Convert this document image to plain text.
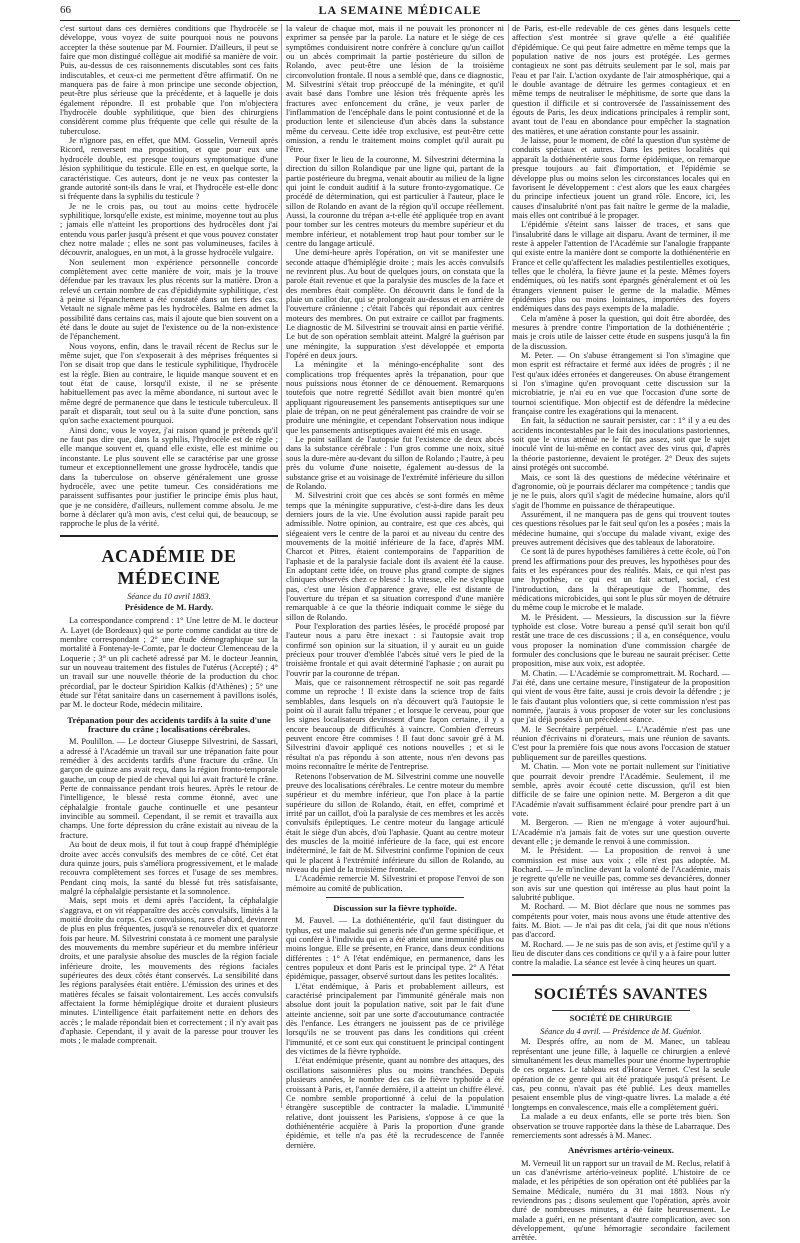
66	LA SEMAINE MÉDICALE

c'est surtout dans ces dernières conditions que l'hydrocèle se développe, vous voyez de suite pourquoi nous ne pouvons accepter la thèse soutenue par M. Fournier. D'ailleurs, il peut se faire que mon distingué collègue ait modifié sa manière de voir. Puis, au-dessus de ces raisonnements discutables sont ces faits indiscutables, et ceux-ci me permettent d'être affirmatif. On ne manquera pas de faire à mon principe une seconde objection, peut-être plus sérieuse que la précédente, et à laquelle je dois également répondre. Il est probable que l'on m'objectera l'hydrocèle double syphilitique, que bien des chirurgiens considèrent comme plus fréquente que celle qui résulte de la tuberculose.

Je n'ignore pas, en effet, que MM. Gosselin, Verneuil après Ricord, renversent ma proposition, et que pour eux une hydrocèle double, est presque toujours symptomatique d'une lésion syphilitique du testicule. Elle en est, en quelque sorte, la caractéristique. Ces auteurs, dont je ne veux pas contester la grande autorité sont-ils dans le vrai, et l'hydrocèle est-elle donc si fréquente dans la syphilis du testicule ?

Je ne le crois pas, ou tout au moins cette hydrocèle syphilitique, lorsqu'elle existe, est minime, moyenne tout au plus ; jamais elle n'atteint les proportions des hydrocèles dont j'ai entendu vous parler jusqu'à présent et que vous pouvez constater chez notre malade ; elles ne sont pas volumineuses, faciles à découvrir, analogues, en un mot, à la grosse hydrocèle vulgaire.

Non seulement mon expérience personnelle concorde complètement avec cette manière de voir, mais je la trouve défendue par les travaux les plus récents sur la matière. Dron a relevé un certain nombre de cas d'épididymite syphilitique, c'est à peine si l'épanchement a été constaté dans un tiers des cas. Vetault ne signale même pas les hydrocèles. Balme en admet la possibilité dans certains cas, mais il ajoute que bien souvent on a été dans le doute au sujet de l'existence ou de la non-existence de l'épanchement.

Nous voyons, enfin, dans le travail récent de Reclus sur le même sujet, que l'on s'exposerait à des méprises fréquentes si l'on se disait trop que dans le testicule syphilitique, l'hydrocèle est la règle. Bien au contraire, le liquide manque souvent et en tout état de cause, lorsqu'il existe, il ne se présente habituellement pas avec la même abondance, ni surtout avec le même degré de permanence que dans le testicule tuberculeux. Il paraît et disparaît, tout seul ou à la suite d'une ponction, sans qu'on sache exactement pourquoi.

Ainsi donc, vous le voyez, j'ai raison quand je prétends qu'il ne faut pas dire que, dans la syphilis, l'hydrocèle est de règle ; elle manque souvent et, quand elle existe, elle est minime ou inconstante. Le plus souvent elle se caractérise par une grosse tumeur et exceptionnellement une grosse hydrocèle, tandis que dans la tuberculose on observe généralement une grosse hydrocèle, avec une petite tumeur. Ces considérations me paraissent suffisantes pour justifier le principe émis plus haut, que je ne considère, d'ailleurs, nullement comme absolu. Je me borne à déclarer qu'à mon avis, c'est celui qui, de beaucoup, se rapproche le plus de la vérité.

ACADÉMIE DE MÉDECINE
Séance du 10 avril 1883.
Présidence de M. Hardy.

La correspondance comprend : 1° Une lettre de M. le docteur A. Layet (de Bordeaux) qui se porte comme candidat au titre de membre correspondant ; 2° une étude démographique sur la mortalité à Fontenay-le-Comte, par le docteur Clemenceau de la Loquerie ; 3° un pli cacheté adressé par M. le docteur Jeannin, sur un nouveau traitement des fistules de l'utérus (Accepté) ; 4° un travail sur une nouvelle théorie de la production du choc précordial, par le docteur Spiridion Kalkis (d'Athènes) ; 5° une étude sur l'état sanitaire dans un casernement à pavillons isolés, par M. le docteur Rode, médecin militaire.

Trépanation pour des accidents tardifs à la suite d'une fracture du crâne ; localisations cérébrales.

M. Poulillon. — Le docteur Giuseppe Silvestrini, de Sassari, a adressé à l'Académie un travail sur une trépanation faite pour remédier à des accidents tardifs d'une fracture du crâne. Un garçon de quinze ans avait reçu, dans la région fronto-temporale gauche, un coup de pied de cheval qui lui avait fracturé le crâne. Perte de connaissance pendant trois heures. Après le retour de l'intelligence, le blessé resta comme étonné, avec une céphalalgie frontale gauche continuelle et une pesanteur invincible au sommeil. Cependant, il se remit et travailla aux champs. Une forte dépression du crâne existait au niveau de la fracture.

Au bout de deux mois, il fut tout à coup frappé d'hémiplégie droite avec accès convulsifs des membres de ce côté. Cet état dura quinze jours, puis s'améliora progressivement, et le malade recouvra complètement ses forces et l'usage de ses membres. Pendant cinq mois, la santé du blessé fut très satisfaisante, malgré la céphalalgie persistante et la somnolence.

Mais, sept mois et demi après l'accident, la céphalalgie s'aggrava, et on vit réapparaître des accès convulsifs, limités à la moitié droite du corps. Ces convulsions, rares d'abord, devinrent de plus en plus fréquentes, jusqu'à se renouveler dix et quatorze fois par heure. M. Silvestrini constata à ce moment une paralysie des mouvements du membre supérieur et du membre inférieur droits, et une paralysie absolue des muscles de la région faciale inférieure droite, les mouvements des régions faciales supérieures des deux côtés étant conservés. La sensibilité dans les régions paralysées était entière. L'émission des urines et des matières fécales se faisait volontairement. Les accès convulsifs affectaient la forme hémiplégique droite et duraient plusieurs minutes. L'intelligence était parfaitement nette en dehors des accès ; le malade répondait bien et correctement ; il n'y avait pas d'aphasie. Cependant, il y avait de la paresse pour trouver les mots ; le malade comprenait.

la valeur de chaque mot, mais il ne pouvait les prononcer ni exprimer sa pensée par la parole. La nature et le siège de ces symptômes conduisirent notre confrère à conclure qu'un caillot ou un abcès comprimait la partie postérieure du sillon de Rolando, avec peut-être une lésion de la troisième circonvolution frontale. Il nous a semblé que, dans ce diagnostic, M. Silvestrini s'était trop préoccupé de la méningite, et qu'il avait basé dans l'ombre une lésion très fréquente après les fractures avec enfoncement du crâne, je veux parler de l'inflammation de l'encéphale dans le point contusionné et de la production lente et silencieuse d'un abcès dans la substance même du cerveau. Cette idée trop exclusive, est peut-être cette omission, a rendu le traitement moins complet qu'il aurait pu l'être.

Pour fixer le lieu de la couronne, M. Silvestrini détermina la direction du sillon Rolandique par une ligne qui, partant de la partie postérieure du bregma, venait aboutir au milieu de la ligne qui joint le conduit auditif à la suture fronto-zygomatique. Ce procédé de détermination, qui est particulier à l'auteur, place le sillon de Rolando en avant de la région qu'il occupe réellement. Aussi, la couronne du trépan a-t-elle été appliquée trop en avant pour tomber sur les centres moteurs du membre supérieur et du membre inférieur, et notablement trop haut pour tomber sur le centre du langage articulé.

Une demi-heure après l'opération, on vit se manifester une seconde attaque d'hémiplégie droite ; mais les accès convulsifs ne revinrent plus. Au bout de quelques jours, on constata que la parole était revenue et que la paralysie des muscles de la face et des membres était complète. On découvrit dans le fond de la plaie un caillot dur, qui se prolongeait au-dessus et en arrière de l'ouverture crânienne ; c'était l'abcès qui répondait aux centres moteurs des membres. On put extraire ce caillot par fragments. Le diagnostic de M. Silvestrini se trouvait ainsi en partie vérifié. Le but de son opération semblait atteint. Malgré la guérison par une méningite, la suppuration s'est développée et emporta l'opéré en deux jours.

La méningite et la méningo-encéphalite sont des complications trop fréquentes après la trépanation, pour que nous puissions nous étonner de ce dénouement. Remarquons toutefois que notre regretté Sédillot avait bien montré qu'en appliquant rigoureusement les pansements antiseptiques sur une plaie de trépan, on ne peut généralement pas craindre de voir se produire une méningite, et cependant l'observation nous indique que les pansements antiseptiques avaient été mis en usage.

Le point saillant de l'autopsie fut l'existence de deux abcès dans la substance cérébrale : l'un gros comme une noix, situé sous la dure-mère au-devant du sillon de Rolando ; l'autre, à peu près du volume d'une noisette, également au-dessus de la substance grise et au voisinage de l'extrémité inférieure du sillon de Rolando.

M. Silvestrini croit que ces abcès se sont formés en même temps que la méningite suppurative, c'est-à-dire dans les deux derniers jours de la vie. Une évolution aussi rapide paraît peu admissible. Notre opinion, au contraire, est que ces abcès, qui siégeaient vers le centre de la paroi et au niveau du centre des mouvements de la moitié inférieure de la face, d'après MM. Charcot et Pitres, étaient contemporains de l'apparition de l'aphasie et de la paralysie faciale dont ils avaient été la cause. En adoptant cette idée, on trouve plus grand compte de signes cliniques observés chez ce blessé : la vitesse, elle ne s'explique pas, c'est une lésion d'apparence grave, elle est distante de l'ouverture du trépan et sa situation correspond d'une manière remarquable à ce que la théorie indiquait comme le siège du sillon de Rolando.

Pour l'exploration des parties lésées, le procédé proposé par l'auteur nous a paru être inexact : si l'autopsie avait trop confirmé son opinion sur la situation, il y aurait eu un guide précieux pour trouver d'emblée l'abcès situé vers le pied de la troisième frontale et qui avait déterminé l'aphasie ; on aurait pu l'ouvrir par la couronne de trépan.

Mais, que ce raisonnement rétrospectif ne soit pas regardé comme un reproche ! Il existe dans la science trop de faits semblables, dans lesquels on n'a découvert qu'à l'autopsie le point où il aurait fallu trépaner ; et lorsque le cerveau, pour que les signes localisateurs devinssent d'une façon certaine, il y a encore beaucoup de difficultés à vaincre. Combien d'erreurs peuvent encore être commises ! Il faut donc savoir gré à M. Silvestrini d'avoir appliqué ces notions nouvelles ; et si le résultat n'a pas répondu à son attente, nous n'en devons pas moins reconnaître le mérite de l'entreprise.

Retenons l'observation de M. Silvestrini comme une nouvelle preuve des localisations cérébrales. Le centre moteur du membre supérieur et du membre inférieur, que l'on place à la partie supérieure du sillon de Rolando, était, en effet, comprimé et irrité par un caillot, d'où la paralysie de ces membres et les accès convulsifs épileptiques. Le centre moteur du langage articulé était le siège d'un abcès, d'où l'aphasie. Quant au centre moteur des muscles de la moitié inférieure de la face, qui est encore indéterminé, le fait de M. Silvestrini confirme l'opinion de ceux qui le placent à l'extrémité inférieure du sillon de Rolando, au niveau du pied de la troisième frontale.

L'Académie remercie M. Silvestrini et propose l'envoi de son mémoire au comité de publication.

Discussion sur la fièvre typhoïde.

M. Fauvel. — La dothiénentérie, qu'il faut distinguer du typhus, est une maladie sui generis née d'un germe spécifique, et qui confère à l'individu qui en a été atteint une immunité plus ou moins longue. Elle se présente, en France, dans deux conditions différentes : 1° A l'état endémique, en permanence, dans les centres populeux et dont Paris est le principal type. 2° A l'état épidémique, passager, observé surtout dans les petites localités.

L'état endémique, à Paris et probablement ailleurs, est caractérisé principalement par l'immunité générale mais non absolue dont jouit la population native, soit par le fait d'une atteinte ancienne, soit par une sorte d'accoutumance contractée dès l'enfance. Les étrangers ne jouissent pas de ce privilège lorsqu'ils ne se trouvent pas dans les conditions qui créent l'immunité, et ce sont eux qui constituent le principal contingent des victimes de la fièvre typhoïde.

L'état endémique présente, quant au nombre des attaques, des oscillations saisonnières plus ou moins tranchées. Depuis plusieurs années, le nombre des cas de fièvre typhoïde a été croissant à Paris, et, l'année dernière, il a atteint un chiffre élevé. Ce nombre semble proportionné à celui de la population étrangère susceptible de contracter la maladie. L'immunité relative, dont jouissent les Parisiens, s'oppose à ce que la dothiénentérie acquière à Paris la proportion d'une grande épidémie, et telle n'a pas été la recrudescence de l'année dernière.

de Paris, est-elle redevable de ces gènes dans lesquels cette affection s'est montrée si grave qu'elle a été qualifiée d'épidémique. Ce qui peut faire admettre en même temps que la population native de nos jours est protégée. Les germes contagieux ne sont pas détruits seulement par le sol, mais par l'eau et par l'air. L'action oxydante de l'air atmosphérique, qui a le double avantage de détruire les germes contagieux et en même temps de neutraliser le méphitisme, de sorte que dans la question il difficile et si controversée de l'assainissement des égouts de Paris, les deux indications principales à remplir sont, avant tout de l'eau en abondance pour empêcher la stagnation des matières, et une aération constante pour les assainir.

Je laisse, pour le moment, de côté la question d'un système de conduits spéciaux et autres. Dans les petites localités qui apparaît la dothiénentérie sous forme épidémique, on remarque presque toujours au fait d'importation, et l'épidémie se développe plus ou moins selon les circonstances locales qui en favorisent le développement : c'est alors que les eaux chargées du principe infectieux jouent un grand rôle. Encore, ici, les causes d'insalubrité n'ont pas fait naître le germe de la maladie, mais elles ont contribué à le propager.

L'épidémie s'éteint sans laisser de traces, et sans que l'insalubrité dans le village ait disparu. Avant de terminer, il me reste à appeler l'attention de l'Académie sur l'analogie frappante qui existe entre la manière dont se comporte la dothiénentérie en France et celle qu'affectent les maladies pestilentielles exotiques, telles que le choléra, la fièvre jaune et la peste. Mêmes foyers endémiques, où les natifs sont épargnés généralement et où les étrangers viennent puiser le germe de la maladie. Mêmes épidémies plus ou moins lointaines, importées des foyers endémiques dans des pays exempts de la maladie.

Cela m'amène à poser la question, qui doit être abordée, des mesures à prendre contre l'importation de la dothiénentérie ; mais je crois utile de laisser cette étude en suspens jusqu'à la fin de la discussion.

M. Peter. — On s'abuse étrangement si l'on s'imagine que mon esprit est réfractaire et fermé aux idées de progrès ; il ne l'est qu'aux idées erronées et dangereuses. On abuse étrangement si l'on s'imagine qu'en provoquant cette discussion sur la microbiatrie, je n'ai eu en vue que l'occasion d'une sorte de tournoi scientifique. Mon objectif est de défendre la médecine française contre les exagérations qui la menacent.

En fait, la séduction ne saurait persister, car : 1° il y a eu des accidents incontestables par le fait des inoculations pastoriennes, soit que le virus atténué ne le fût pas assez, soit que le sujet inoculé vînt de lui-même en contact avec des virus qui, d'après la théorie pastorienne, devaient le protéger. 2° Deux des sujets ainsi protégés ont succombé.

Mais, ce sont là des questions de médecine vétérinaire et d'agronomie, où je pourrais déclarer ma compétence ; tandis que je ne le puis, alors qu'il s'agit de médecine humaine, alors qu'il s'agit de l'homme en puissance de thérapeutique.

Assurément, il ne manquera pas de gens qui trouvent toutes ces questions résolues par le fait seul qu'on les a posées ; mais la médecine humaine, qui s'occupe du malade vivant, exige des preuves autrement décisives que des tableaux de laboratoire.

Ce sont là de pures hypothèses familières à cette école, où l'on prend les affirmations pour des preuves, les hypothèses pour des faits et les espérances pour des réalités. Mais, ce qui n'est pas une hypothèse, ce qui est un fait actuel, social, c'est l'introduction, dans la thérapeutique de l'homme, des médications microbicides, qui sont le plus sûr moyen de détruire du même coup le microbe et le malade.

M. le Président. — Messieurs, la discussion sur la fièvre typhoïde est close. Votre bureau a pensé qu'il serait bon qu'il restât une trace de ces discussions ; il a, en conséquence, voulu vous proposer la nomination d'une commission chargée de formuler des conclusions que le bureau ne saurait préciser. Cette proposition, mise aux voix, est adoptée.

M. Chatin. — L'Académie se compromettrait. M. Rochard. — J'ai été, dans une certaine mesure, l'instigateur de la proposition qui vient de vous être faite, aussi je crois devoir la défendre ; je le fais d'autant plus volontiers que, si cette commission n'est pas nommée, j'aurais à vous proposer de voter sur les conclusions que j'ai déjà posées à un précédent séance.

M. le Secrétaire perpétuel. — L'Académie n'est pas une réunion d'écrivains ni d'orateurs, mais une réunion de savants. C'est pour la première fois que nous avons l'occasion de statuer publiquement sur de pareilles questions.

M. Chatin. — Mon vote ne portait nullement sur l'initiative que pourrait devoir prendre l'Académie. Seulement, il me semble, après avoir écouté cette discussion, qu'il est bien difficile de se faire une opinion nette. M. Bergeron a dit que l'Académie n'avait suffisamment éclairé pour prendre part à un vote.

M. Bergeron. — Rien ne m'engage à voter aujourd'hui. L'Académie n'a jamais fait de votes sur une question ouverte devant elle ; je demande le renvoi à une commission.

M. le Président. — La proposition de renvoi à une commission est mise aux voix ; elle n'est pas adoptée. M. Rochard. — Je m'incline devant la volonté de l'Académie, mais je regrette qu'elle ne veuille pas, comme ses devancières, donner son avis sur une question qui intéresse au plus haut point la salubrité publique.

M. Rochard. — M. Biot déclare que nous ne sommes pas compétents pour voter, mais nous avons une étude attentive des faits. M. Biot. — Je n'ai pas dit cela, j'ai dit que nous n'étions pas d'accord.

M. Rochard. — Je ne suis pas de son avis, et j'estime qu'il y a lieu de discuter dans ces conditions ce qu'il y a à faire pour lutter contre la maladie. La séance est levée à cinq heures un quart.

SOCIÉTÉS SAVANTES
SOCIÉTÉ DE CHIRURGIE
Séance du 4 avril. — Présidence de M. Guéniot.

M. Després offre, au nom de M. Manec, un tableau représentant une jeune fille, à laquelle ce chirurgien a enlevé simultanément les deux mamelles pour une énorme hypertrophie de ces organes. Le tableau est d'Horace Vernet. C'est la seule opération de ce genre qui ait été pratiquée jusqu'à présent. Le cas, peu connu, n'avait pas été publié. Les deux mamelles pesaient ensemble plus de vingt-quatre livres. La malade a été longtemps en convalescence, mais elle a complètement guéri.

La malade a eu deux enfants, elle se porte très bien. Son observation se trouve rapportée dans la thèse de Labarraque. Des remerciements sont adressés à M. Manec.

Anévrismes artério-veineux.

M. Verneuil lit un rapport sur un travail de M. Reclus, relatif à un cas d'anévrisme artério-veineux poplité. L'histoire de ce malade, et les péripéties de son opération ont été publiées par la Semaine Médicale, numéro du 31 mai 1883. Nous n'y reviendrons pas ; disons seulement que l'opération, après avoir duré de nombreuses minutes, a été faite heureusement. Le malade a guéri, en ne présentant d'autre complication, avec son développement, qu'une hémorragie secondaire facilement arrêtée.
